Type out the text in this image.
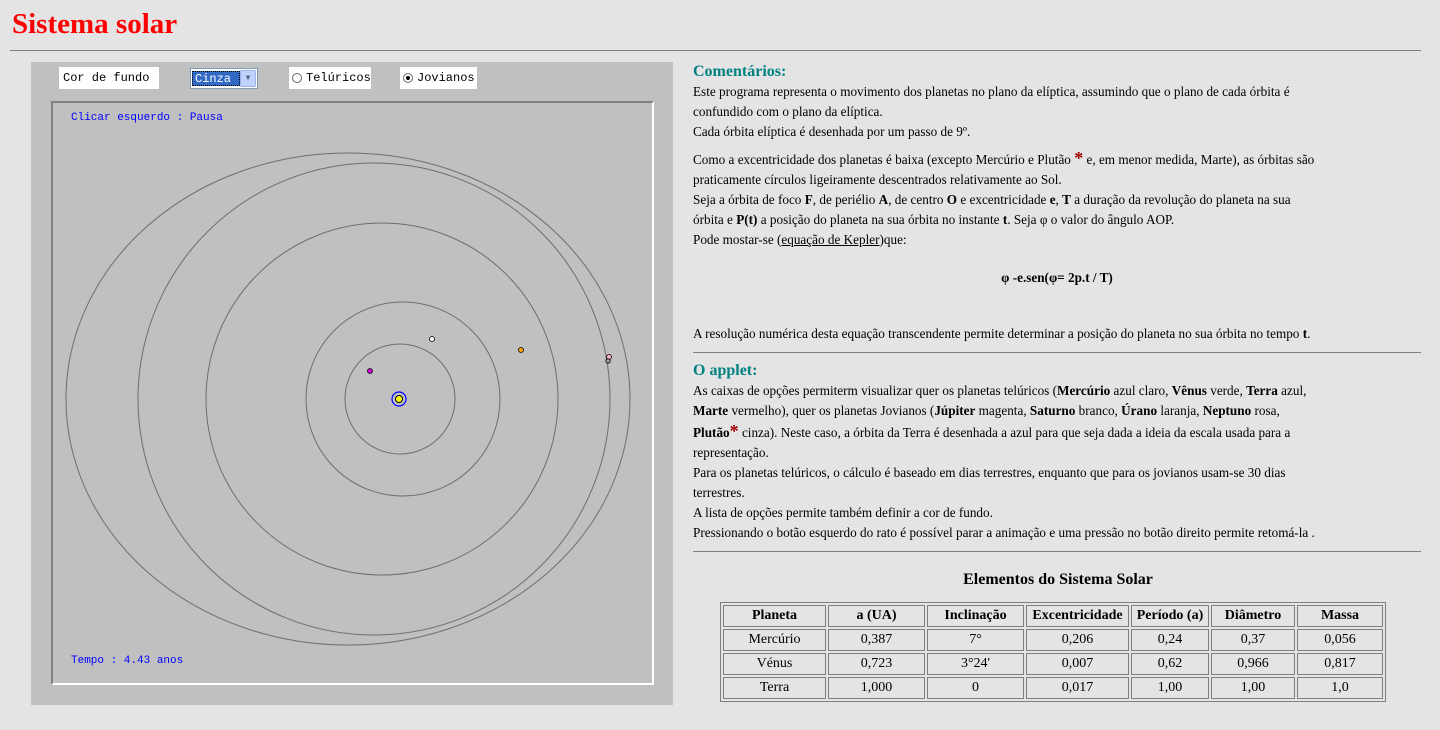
Sistema solar
Cor de fundo	Cinza	▼	Telúricos	Jovianos
Clicar esquerdo : Pausa
Tempo : 4.43 anos
Comentários:

Este programa representa o movimento dos planetas no plano da elíptica, assumindo que o plano de cada órbita é
confundido com o plano da elíptica.

Cada órbita elíptica é desenhada por um passo de 9º.

Como a excentricidade dos planetas é baixa (excepto Mercúrio e Plutão * e, em menor medida, Marte), as órbitas são
praticamente círculos ligeiramente descentrados relativamente ao Sol.

Seja a órbita de foco F, de periélio A, de centro O e excentricidade e, T a duração da revolução do planeta na sua
órbita e P(t) a posição do planeta na sua órbita no instante t. Seja φ o valor do ângulo AOP.

Pode mostar-se (equação de Kepler)que:

φ -e.sen(φ= 2p.t / T)

A resolução numérica desta equação transcendente permite determinar a posição do planeta no sua órbita no tempo t.

O applet:

As caixas de opções permiterm visualizar quer os planetas telúricos (Mercúrio azul claro, Vênus verde, Terra azul,
Marte vermelho), quer os planetas Jovianos (Júpiter magenta, Saturno branco, Úrano laranja, Neptuno rosa,
Plutão* cinza). Neste caso, a órbita da Terra é desenhada a azul para que seja dada a ideia da escala usada para a
representação.
Para os planetas telúricos, o cálculo é baseado em dias terrestres, enquanto que para os jovianos usam-se 30 dias
terrestres.
A lista de opções permite também definir a cor de fundo.
Pressionando o botão esquerdo do rato é possível parar a animação e uma pressão no botão direito permite retomá-la .

Elementos do Sistema Solar
Planeta	a (UA)	Inclinação	Excentricidade	Período (a)	Diâmetro	Massa
Mercúrio	0,387	7°	0,206	0,24	0,37	0,056
Vénus	0,723	3°24'	0,007	0,62	0,966	0,817
Terra	1,000	0	0,017	1,00	1,00	1,0
